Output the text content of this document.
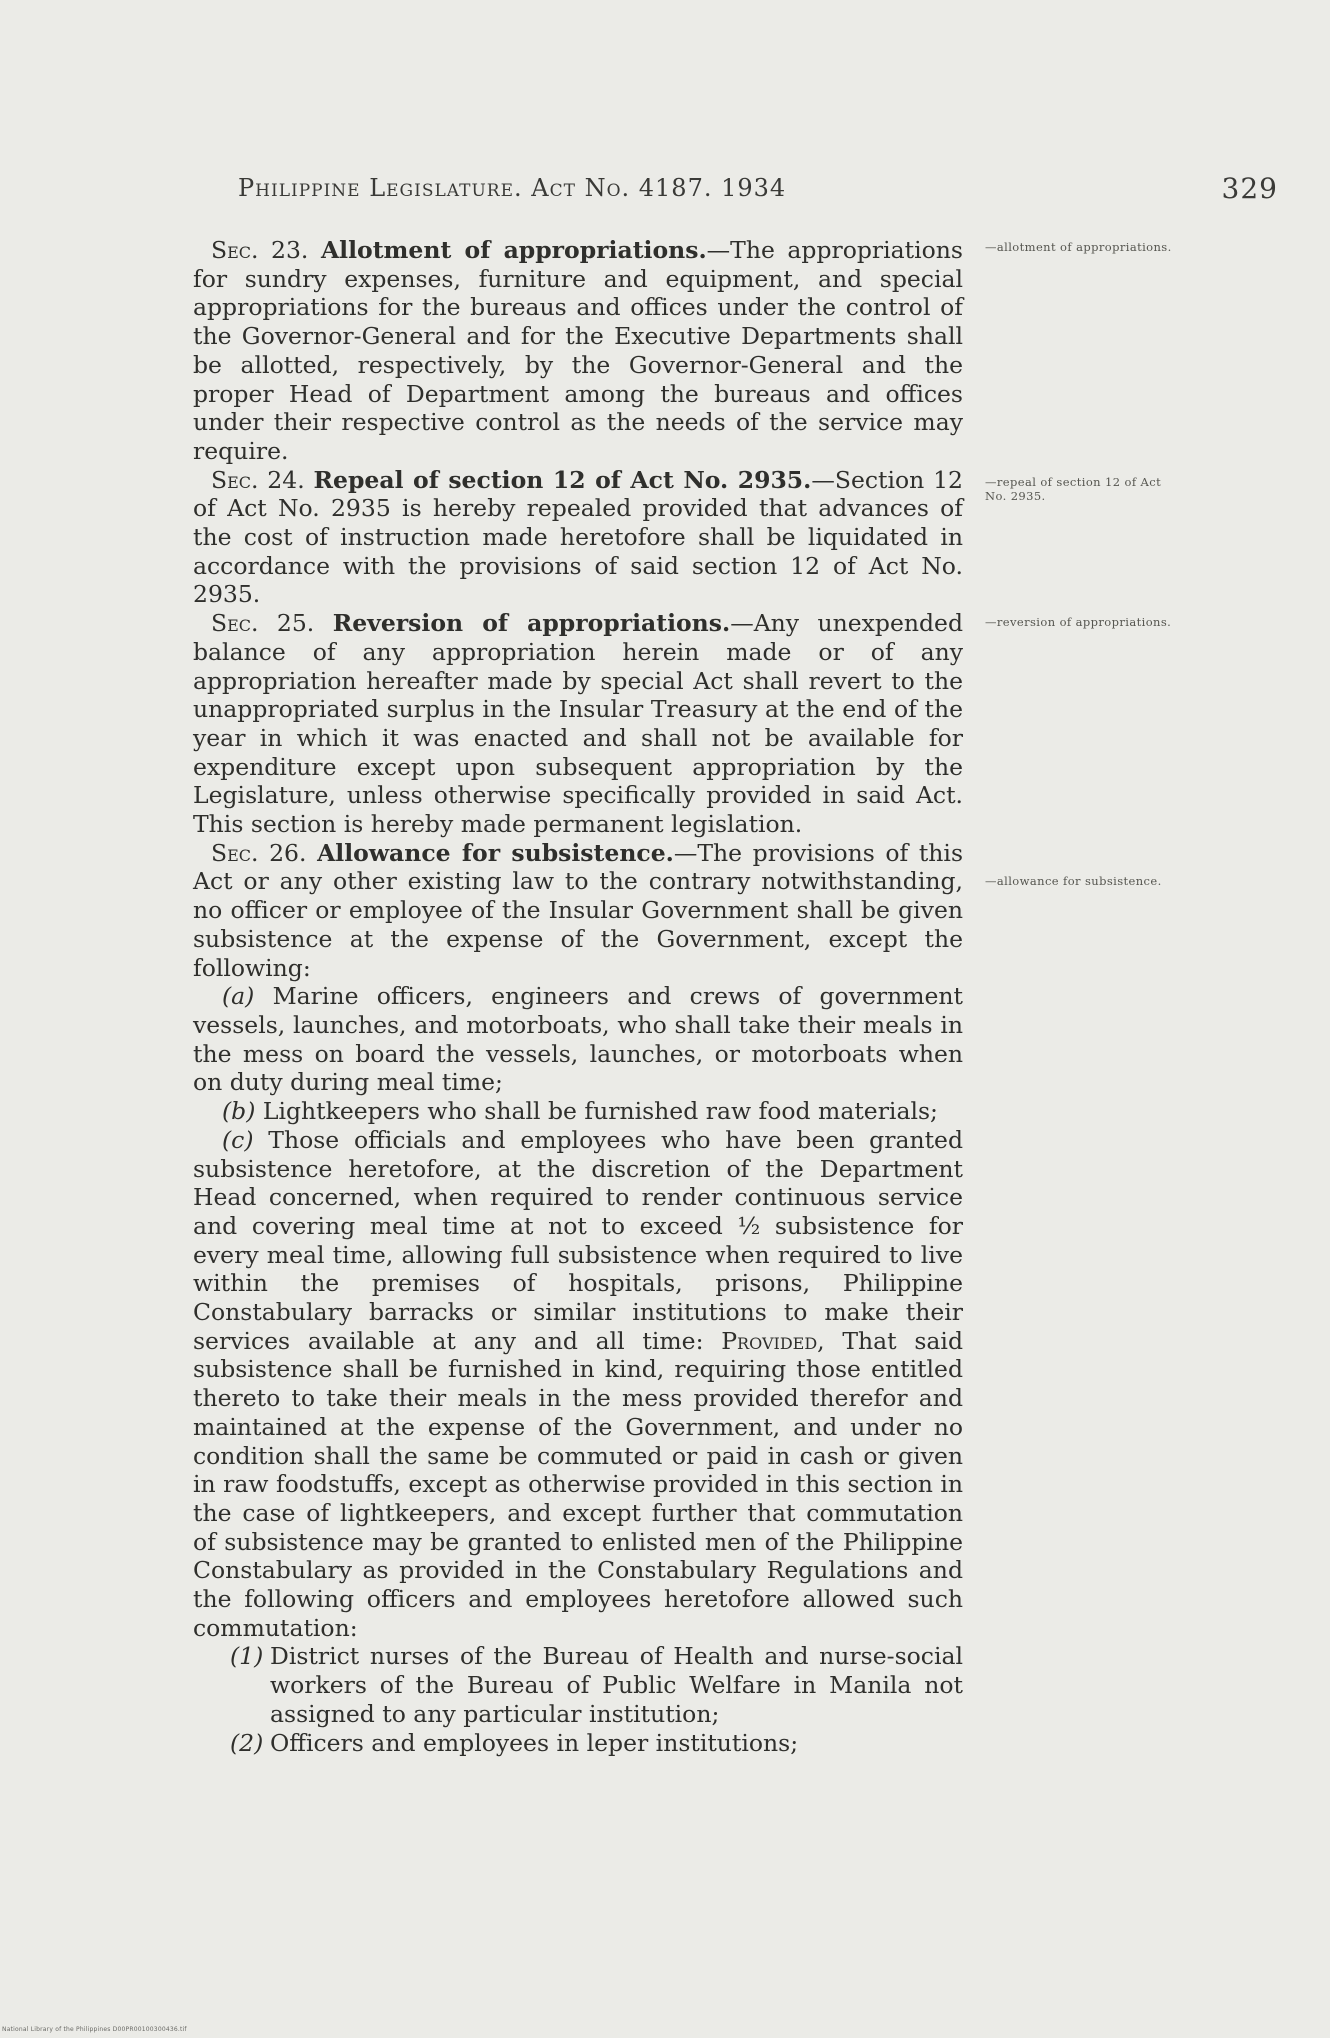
Philippine Legislature. Act No. 4187. 1934	329

Sec. 23. Allotment of appropriations.—The appropriations for sundry expenses, furniture and equipment, and special appropriations for the bureaus and offices under the control of the Governor-General and for the Executive Departments shall be allotted, respectively, by the Governor-General and the proper Head of Department among the bureaus and offices under their respective control as the needs of the service may require.

Sec. 24. Repeal of section 12 of Act No. 2935.—Section 12 of Act No. 2935 is hereby repealed provided that advances of the cost of instruction made heretofore shall be liquidated in accordance with the provisions of said section 12 of Act No. 2935.

Sec. 25. Reversion of appropriations.—Any unexpended balance of any appropriation herein made or of any appropriation hereafter made by special Act shall revert to the unappropriated surplus in the Insular Treasury at the end of the year in which it was enacted and shall not be available for expenditure except upon subsequent appropriation by the Legislature, unless otherwise specifically provided in said Act. This section is hereby made permanent legislation.

Sec. 26. Allowance for subsistence.—The provisions of this Act or any other existing law to the contrary notwithstanding, no officer or employee of the Insular Government shall be given subsistence at the expense of the Government, except the following:

(a) Marine officers, engineers and crews of government vessels, launches, and motorboats, who shall take their meals in the mess on board the vessels, launches, or motorboats when on duty during meal time;

(b) Lightkeepers who shall be furnished raw food materials;

(c) Those officials and employees who have been granted subsistence heretofore, at the discretion of the Department Head concerned, when required to render continuous service and covering meal time at not to exceed ½ subsistence for every meal time, allowing full subsistence when required to live within the premises of hospitals, prisons, Philippine Constabulary barracks or similar institutions to make their services available at any and all time: Provided, That said subsistence shall be furnished in kind, requiring those entitled thereto to take their meals in the mess provided therefor and maintained at the expense of the Government, and under no condition shall the same be commuted or paid in cash or given in raw foodstuffs, except as otherwise provided in this section in the case of lightkeepers, and except further that commutation of subsistence may be granted to enlisted men of the Philippine Constabulary as provided in the Constabulary Regulations and the following officers and employees heretofore allowed such commutation:

(1) District nurses of the Bureau of Health and nurse-social workers of the Bureau of Public Welfare in Manila not assigned to any particular institution;
(2) Officers and employees in leper institutions;
—allotment of appropriations.
—repeal of section 12 of Act No. 2935.
—reversion of appropriations.
—allowance for subsistence.
National Library of the Philippines D00PR00100300436.tif
